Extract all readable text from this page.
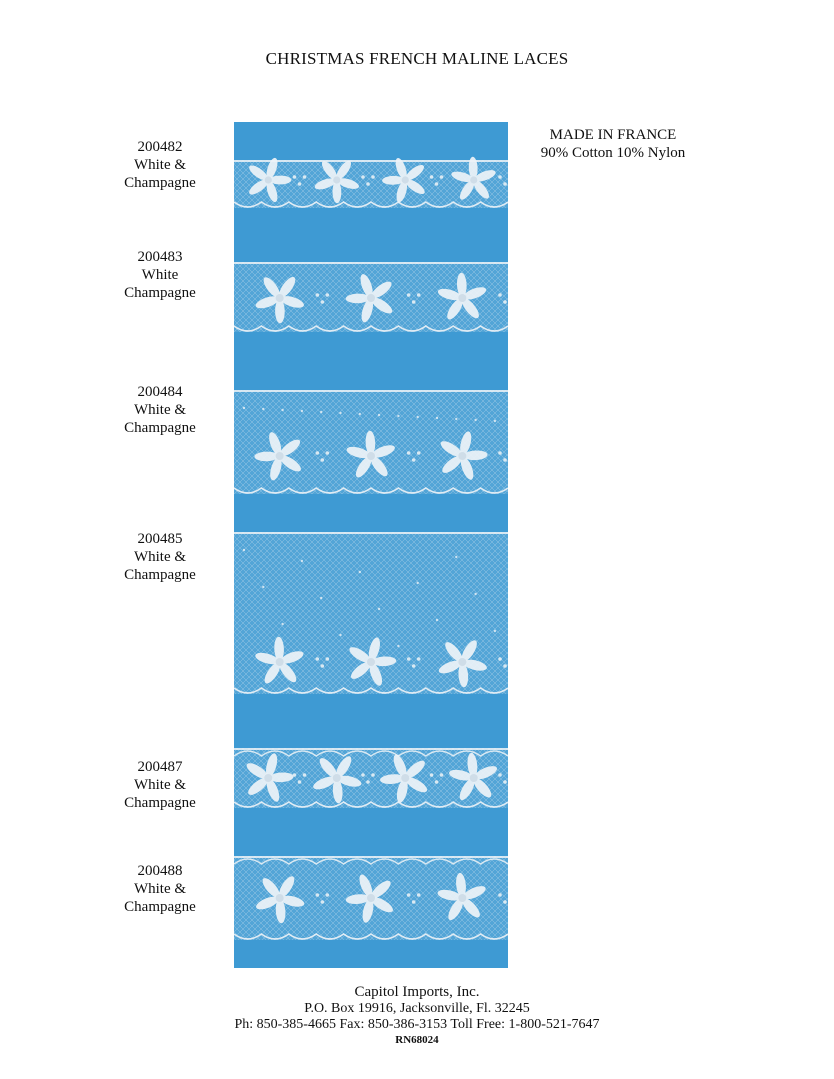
CHRISTMAS FRENCH MALINE LACES
MADE IN FRANCE
90% Cotton 10% Nylon
200482
White &
Champagne
200483
White
Champagne
200484
White &
Champagne
200485
White &
Champagne
200487
White &
Champagne
200488
White &
Champagne
Capitol Imports, Inc.
P.O. Box 19916, Jacksonville, Fl. 32245
Ph: 850-385-4665 Fax: 850-386-3153 Toll Free: 1-800-521-7647
RN68024
